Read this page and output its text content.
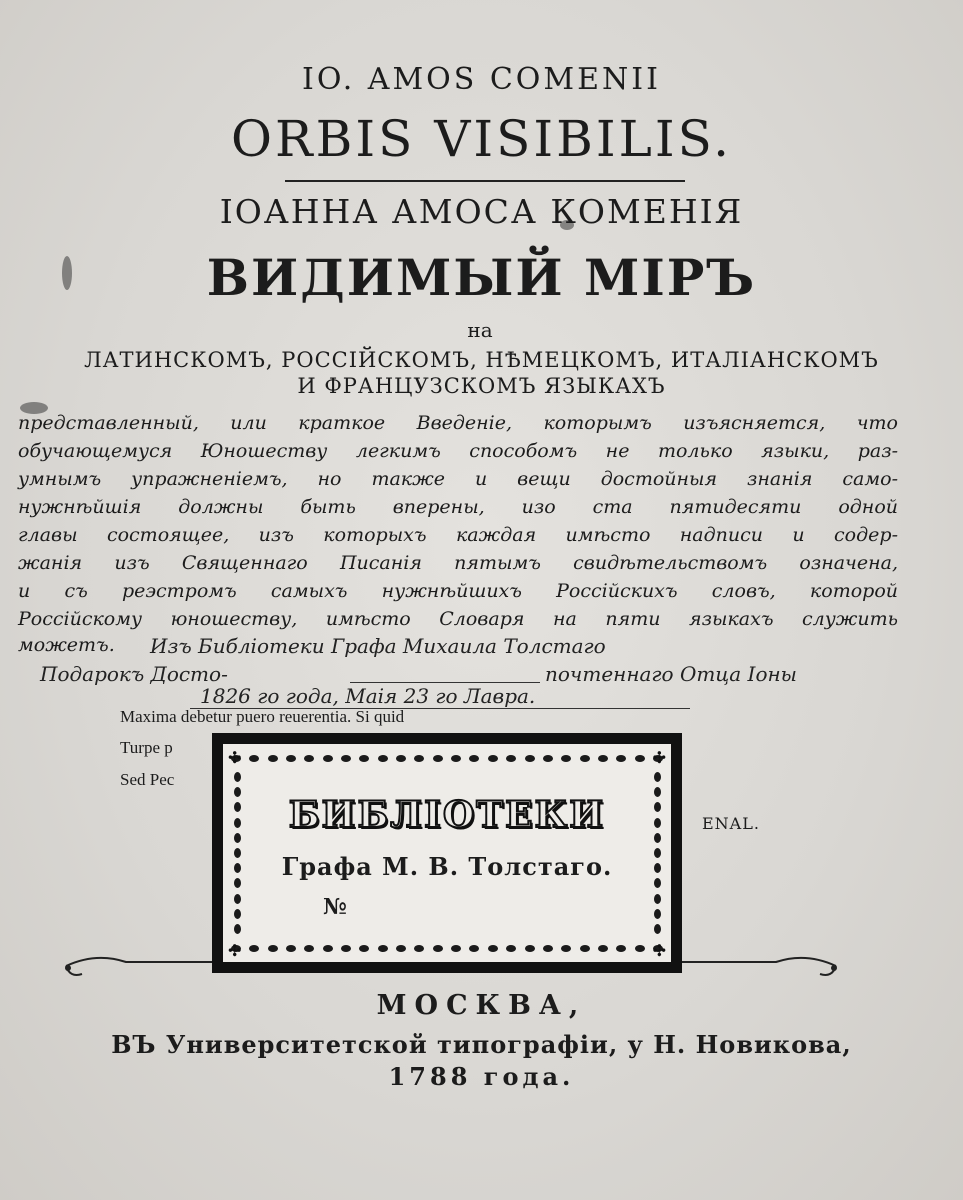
IO. AMOS COMENII
ORBIS VISIBILIS.
ІОАННА АМОСА КОМЕНІЯ
ВИДИМЫЙ МІРЪ
на
ЛАТИНСКОМЪ, РОССІЙСКОМЪ, НѢМЕЦКОМЪ, ИТАЛІАНСКОМЪ
И ФРАНЦУЗСКОМЪ ЯЗЫКАХЪ
представленный, или краткое Введеніе, которымъ изъясняется, что
обучающемуся Юношеству легкимъ способомъ не только языки, раз-
умнымъ упражненіемъ, но также и вещи достойныя знанія само-
нужнѣйшія должны быть вперены, изо ста пятидесяти одной
главы состоящее, изъ которыхъ каждая имѣсто надписи и содер-
жанія изъ Священнаго Писанія пятымъ свидѣтельствомъ означена,
и съ реэстромъ самыхъ нужнѣйшихъ Россійскихъ словъ, которой
Россійскому юношеству, имѣсто Словаря на пяти языкахъ служить
можетъ. Изъ Библіотеки Графа Михаила Толстаго
Подарокъ Досто-	почтеннаго Отца Іоны
1826 го года, Маія 23 го Лавра.
Maxima debetur puero reuerentia. Si quid
Turpe p
Sed Pec
ENAL.
✣	✣
✣	✣
БИБЛІОТЕКИ
Графа М. В. Толстаго.
№
МОСКВА,
ВЪ Университетской типографіи, у Н. Новикова,
1788 года.
